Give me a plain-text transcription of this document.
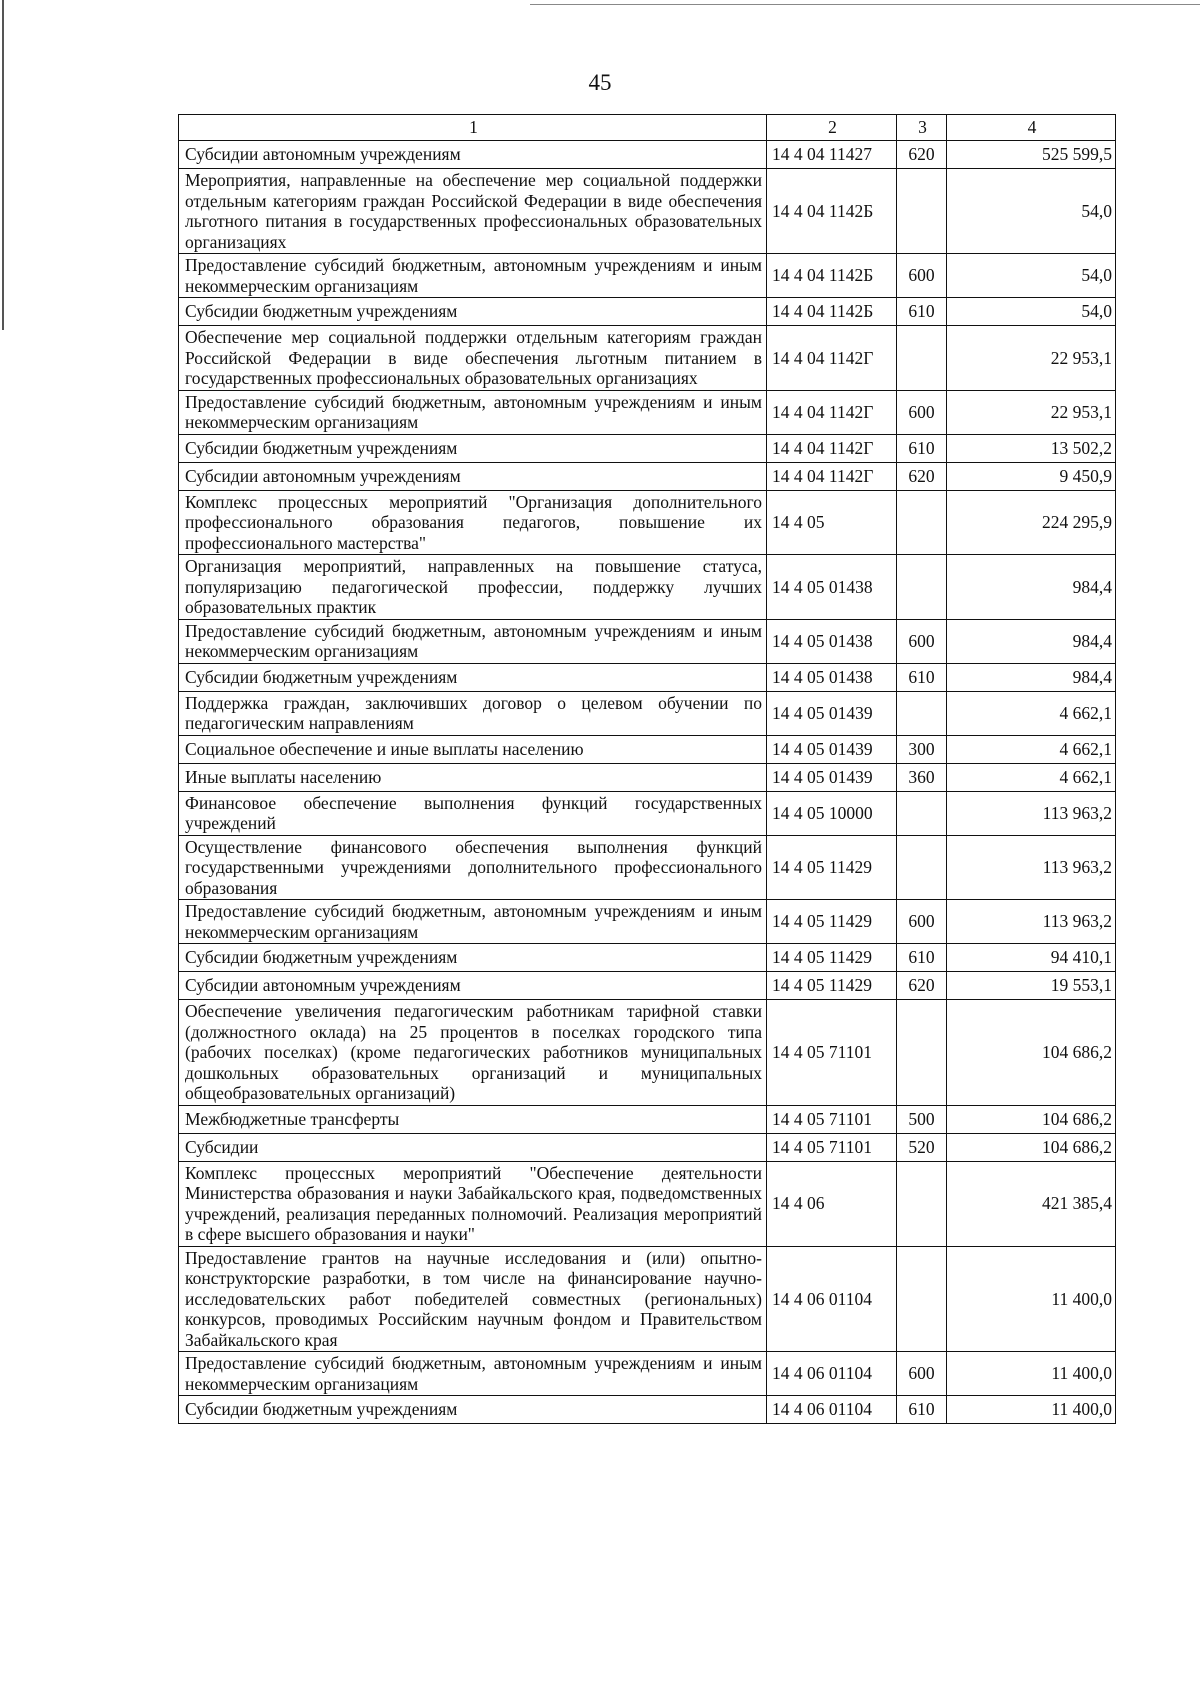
45
1	2	3	4
Субсидии автономным учреждениям	14 4 04 11427	620	525 599,5
Мероприятия, направленные на обеспечение мер социальной поддержки отдельным категориям граждан Российской Федерации в виде обеспечения льготного питания в государственных профессиональных образовательных организациях	14 4 04 1142Б		54,0
Предоставление субсидий бюджетным, автономным учреждениям и иным некоммерческим организациям	14 4 04 1142Б	600	54,0
Субсидии бюджетным учреждениям	14 4 04 1142Б	610	54,0
Обеспечение мер социальной поддержки отдельным категориям граждан Российской Федерации в виде обеспечения льготным питанием в государственных профессиональных образовательных организациях	14 4 04 1142Г		22 953,1
Предоставление субсидий бюджетным, автономным учреждениям и иным некоммерческим организациям	14 4 04 1142Г	600	22 953,1
Субсидии бюджетным учреждениям	14 4 04 1142Г	610	13 502,2
Субсидии автономным учреждениям	14 4 04 1142Г	620	9 450,9
Комплекс процессных мероприятий "Организация дополнительного профессионального образования педагогов, повышение их профессионального мастерства"	14 4 05		224 295,9
Организация мероприятий, направленных на повышение статуса, популяризацию педагогической профессии, поддержку лучших образовательных практик	14 4 05 01438		984,4
Предоставление субсидий бюджетным, автономным учреждениям и иным некоммерческим организациям	14 4 05 01438	600	984,4
Субсидии бюджетным учреждениям	14 4 05 01438	610	984,4
Поддержка граждан, заключивших договор о целевом обучении по педагогическим направлениям	14 4 05 01439		4 662,1
Социальное обеспечение и иные выплаты населению	14 4 05 01439	300	4 662,1
Иные выплаты населению	14 4 05 01439	360	4 662,1
Финансовое обеспечение выполнения функций государственных учреждений	14 4 05 10000		113 963,2
Осуществление финансового обеспечения выполнения функций государственными учреждениями дополнительного профессионального образования	14 4 05 11429		113 963,2
Предоставление субсидий бюджетным, автономным учреждениям и иным некоммерческим организациям	14 4 05 11429	600	113 963,2
Субсидии бюджетным учреждениям	14 4 05 11429	610	94 410,1
Субсидии автономным учреждениям	14 4 05 11429	620	19 553,1
Обеспечение увеличения педагогическим работникам тарифной ставки (должностного оклада) на 25 процентов в поселках городского типа (рабочих поселках) (кроме педагогических работников муниципальных дошкольных образовательных организаций и муниципальных общеобразовательных организаций)	14 4 05 71101		104 686,2
Межбюджетные трансферты	14 4 05 71101	500	104 686,2
Субсидии	14 4 05 71101	520	104 686,2
Комплекс процессных мероприятий "Обеспечение деятельности Министерства образования и науки Забайкальского края, подведомственных учреждений, реализация переданных полномочий. Реализация мероприятий в сфере высшего образования и науки"	14 4 06		421 385,4
Предоставление грантов на научные исследования и (или) опытно-конструкторские разработки, в том числе на финансирование научно-исследовательских работ победителей совместных (региональных) конкурсов, проводимых Российским научным фондом и Правительством Забайкальского края	14 4 06 01104		11 400,0
Предоставление субсидий бюджетным, автономным учреждениям и иным некоммерческим организациям	14 4 06 01104	600	11 400,0
Субсидии бюджетным учреждениям	14 4 06 01104	610	11 400,0
